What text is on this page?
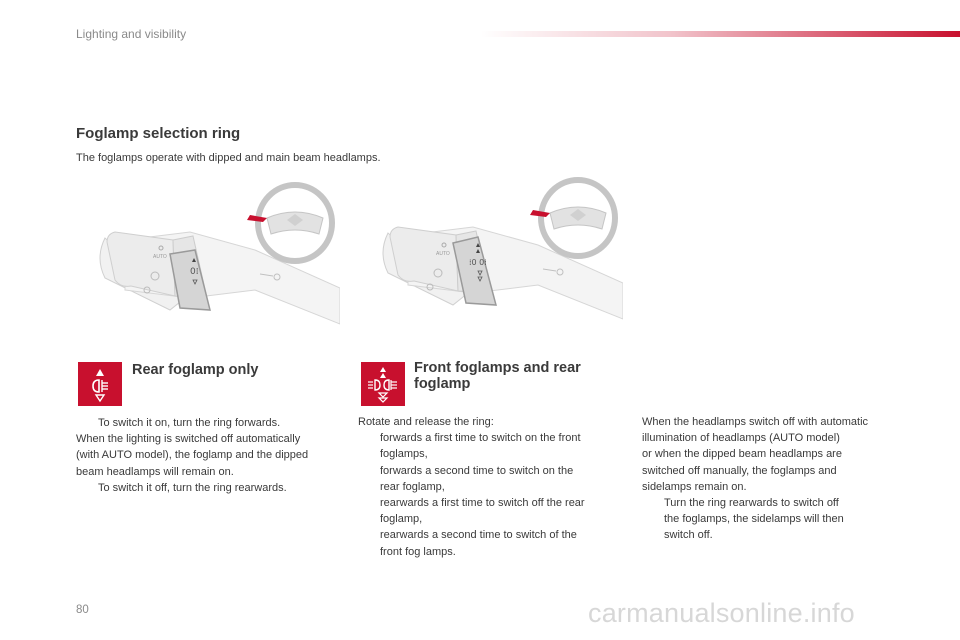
Lighting and visibility
Foglamp selection ring
The foglamps operate with dipped and main beam headlamps.
AUTO
0⁞
AUTO
⁞0 0⁞
Rear foglamp only
To switch it on, turn the ring forwards.

When the lighting is switched off automatically

(with AUTO model), the foglamp and the dipped

beam headlamps will remain on.

To switch it off, turn the ring rearwards.
Front foglamps and rear
foglamp

Rotate and release the ring:

forwards a first time to switch on the front
foglamps,
forwards a second time to switch on the
rear foglamp,
rearwards a first time to switch off the rear
foglamp,
rearwards a second time to switch of the
front fog lamps.

When the headlamps switch off with automatic

illumination of headlamps (AUTO model)

or when the dipped beam headlamps are

switched off manually, the foglamps and

sidelamps remain on.

Turn the ring rearwards to switch off
the foglamps, the sidelamps will then
switch off.
80	carmanualsonline.info
